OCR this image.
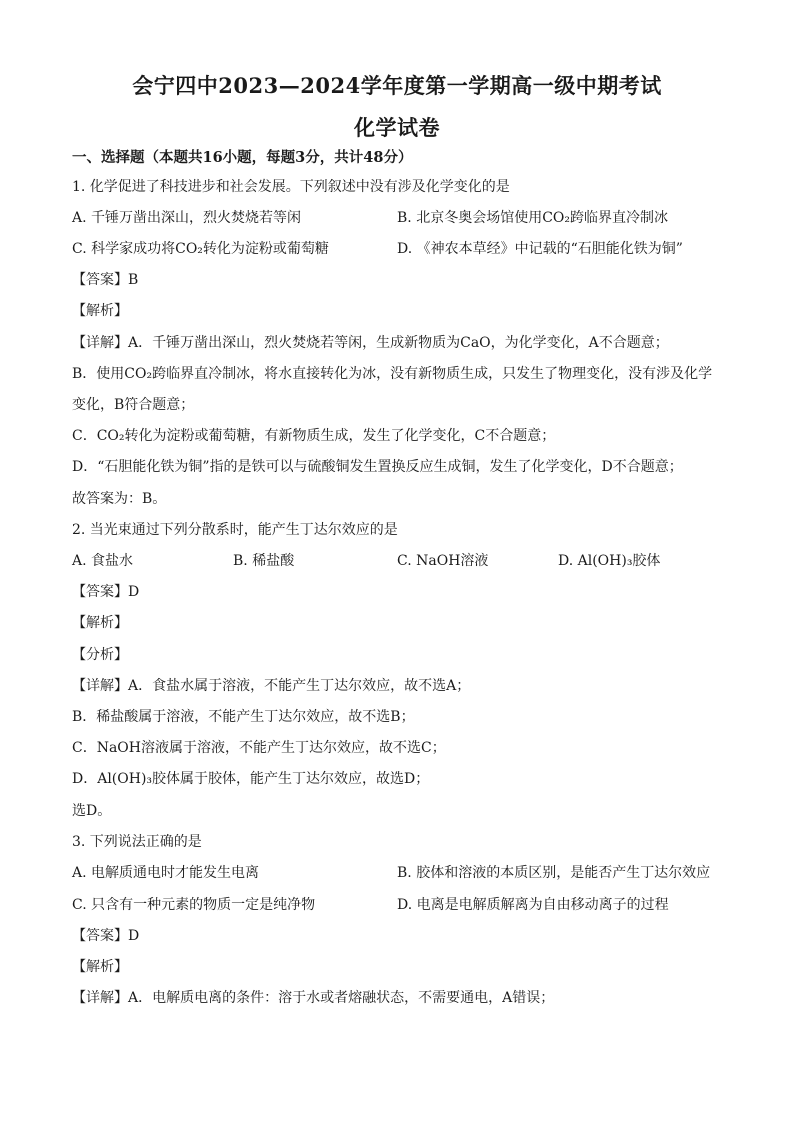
会宁四中2023—2024学年度第一学期高一级中期考试
化学试卷
一、选择题（本题共16小题，每题3分，共计48分）
1. 化学促进了科技进步和社会发展。下列叙述中没有涉及化学变化的是
A. 千锤万凿出深山，烈火焚烧若等闲	B. 北京冬奥会场馆使用CO₂跨临界直冷制冰
C. 科学家成功将CO₂转化为淀粉或葡萄糖	D. 《神农本草经》中记载的“石胆能化铁为铜”
【答案】B
【解析】
【详解】A．千锤万凿出深山，烈火焚烧若等闲，生成新物质为CaO，为化学变化，A不合题意；
B．使用CO₂跨临界直冷制冰，将水直接转化为冰，没有新物质生成，只发生了物理变化，没有涉及化学
变化，B符合题意；
C．CO₂转化为淀粉或葡萄糖，有新物质生成，发生了化学变化，C不合题意；
D．“石胆能化铁为铜”指的是铁可以与硫酸铜发生置换反应生成铜，发生了化学变化，D不合题意；
故答案为：B。
2. 当光束通过下列分散系时，能产生丁达尔效应的是
A. 食盐水	B. 稀盐酸	C. NaOH溶液	D. Al(OH)₃胶体
【答案】D
【解析】
【分析】
【详解】A．食盐水属于溶液，不能产生丁达尔效应，故不选A；
B．稀盐酸属于溶液，不能产生丁达尔效应，故不选B；
C．NaOH溶液属于溶液，不能产生丁达尔效应，故不选C；
D．Al(OH)₃胶体属于胶体，能产生丁达尔效应，故选D；
选D。
3. 下列说法正确的是
A. 电解质通电时才能发生电离	B. 胶体和溶液的本质区别，是能否产生丁达尔效应
C. 只含有一种元素的物质一定是纯净物	D. 电离是电解质解离为自由移动离子的过程
【答案】D
【解析】
【详解】A．电解质电离的条件：溶于水或者熔融状态，不需要通电，A错误；
